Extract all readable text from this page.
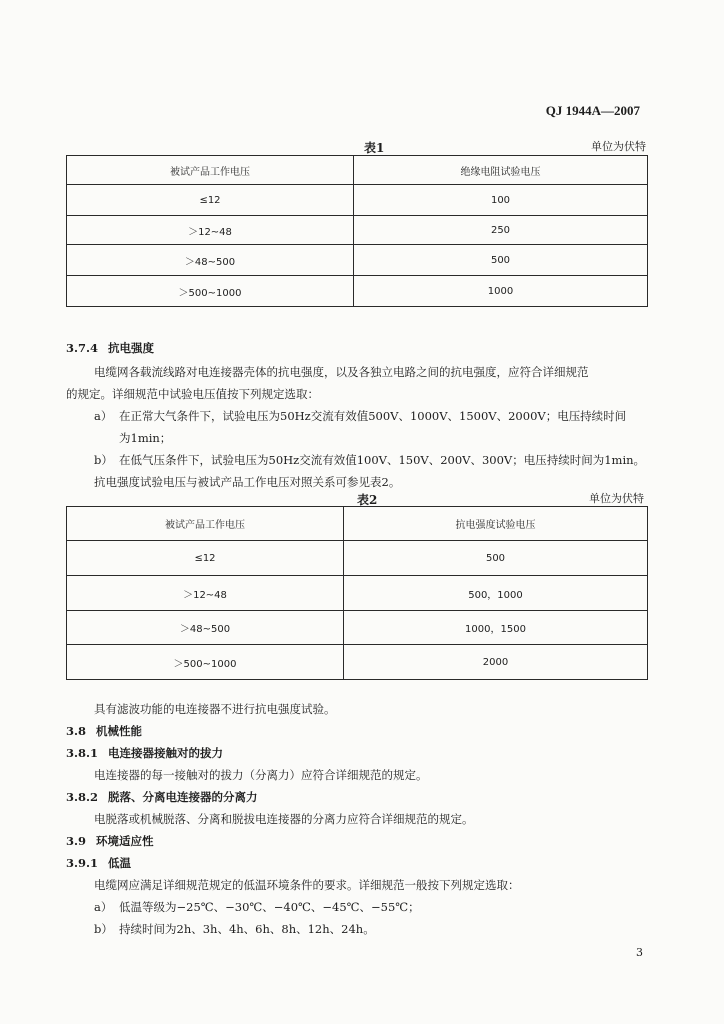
QJ 1944A—2007
表1	单位为伏特
被试产品工作电压	绝缘电阻试验电压
≤12	100
＞12~48	250
＞48~500	500
＞500~1000	1000
3.7.4 抗电强度
电缆网各载流线路对电连接器壳体的抗电强度，以及各独立电路之间的抗电强度，应符合详细规范
的规定。详细规范中试验电压值按下列规定选取：
a） 在正常大气条件下，试验电压为50Hz交流有效值500V、1000V、1500V、2000V；电压持续时间
为1min；
b） 在低气压条件下，试验电压为50Hz交流有效值100V、150V、200V、300V；电压持续时间为1min。
抗电强度试验电压与被试产品工作电压对照关系可参见表2。
表2	单位为伏特
被试产品工作电压	抗电强度试验电压
≤12	500
＞12~48	500，1000
＞48~500	1000，1500
＞500~1000	2000
具有滤波功能的电连接器不进行抗电强度试验。
3.8 机械性能
3.8.1 电连接器接触对的拔力
电连接器的每一接触对的拔力（分离力）应符合详细规范的规定。
3.8.2 脱落、分离电连接器的分离力
电脱落或机械脱落、分离和脱拔电连接器的分离力应符合详细规范的规定。
3.9 环境适应性
3.9.1 低温
电缆网应满足详细规范规定的低温环境条件的要求。详细规范一般按下列规定选取：
a） 低温等级为−25℃、−30℃、−40℃、−45℃、−55℃；
b） 持续时间为2h、3h、4h、6h、8h、12h、24h。
3
